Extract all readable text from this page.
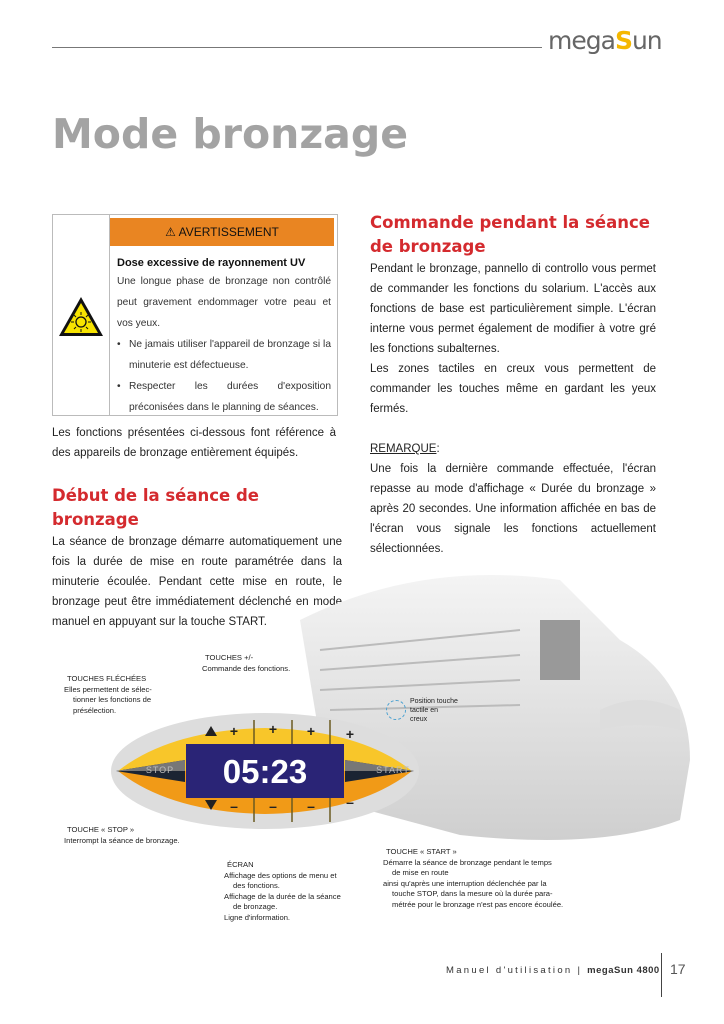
megaSun
Mode bronzage
⚠ AVERTISSEMENT
Dose excessive de rayonnement UV
Une longue phase de bronzage non contrôlé peut gravement endommager votre peau et vos yeux.
• Ne jamais utiliser l'appareil de bronzage si la minuterie est défectueuse.
• Respecter les durées d'exposition préconisées dans le planning de séances.
Les fonctions présentées ci-dessous font référence à des appareils de bronzage entièrement équipés.
Début de la séance de bronzage
La séance de bronzage démarre automatiquement une fois la durée de mise en route paramétrée dans la minuterie écoulée. Pendant cette mise en route, le bronzage peut être immédiatement déclenché en mode manuel en appuyant sur la touche START.
Commande pendant la séance de bronzage
Pendant le bronzage, pannello di controllo vous permet de commander les fonctions du solarium. L'accès aux fonctions de base est particulièrement simple. L'écran interne vous permet également de modifier à votre gré les fonctions subalternes.
Les zones tactiles en creux vous permettent de commander les touches même en gardant les yeux fermés.
REMARQUE:
Une fois la dernière commande effectuée, l'écran repasse au mode d'affichage « Durée du bronzage » après 20 secondes. Une information affichée en bas de l'écran vous signale les fonctions actuellement sélectionnées.
05:23
STOP	START
+ + + +
– – – –
TOUCHES +/-
Commande des fonctions.
TOUCHES FLÉCHÉES
Elles permettent de sélec-
tionner les fonctions de
présélection.
Position touche
tactile en
creux
TOUCHE « STOP »
Interrompt la séance de bronzage.
ÉCRAN
Affichage des options de menu et
des fonctions.
Affichage de la durée de la séance
de bronzage.
Ligne d'information.
TOUCHE « START »
Démarre la séance de bronzage pendant le temps
de mise en route
ainsi qu'après une interruption déclenchée par la
touche STOP, dans la mesure où la durée para-
métrée pour le bronzage n'est pas encore écoulée.
Manuel d'utilisation | megaSun 4800 17
